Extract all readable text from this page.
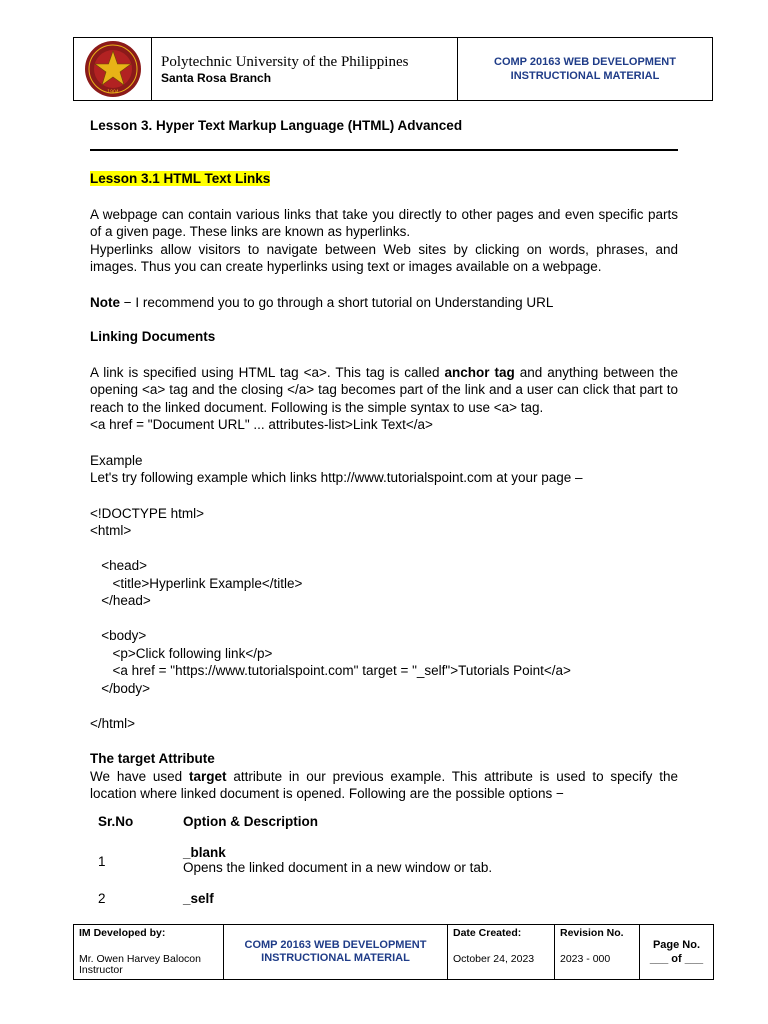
1904
Polytechnic University of the Philippines
Santa Rosa Branch
COMP 20163 WEB DEVELOPMENT
INSTRUCTIONAL MATERIAL
Lesson 3. Hyper Text Markup Language (HTML) Advanced

Lesson 3.1 HTML Text Links

A webpage can contain various links that take you directly to other pages and even specific parts of a given page. These links are known as hyperlinks.

Hyperlinks allow visitors to navigate between Web sites by clicking on words, phrases, and images. Thus you can create hyperlinks using text or images available on a webpage.

Note − I recommend you to go through a short tutorial on Understanding URL

Linking Documents

A link is specified using HTML tag <a>. This tag is called anchor tag and anything between the opening <a> tag and the closing </a> tag becomes part of the link and a user can click that part to reach to the linked document. Following is the simple syntax to use <a> tag.

<a href = "Document URL" ... attributes-list>Link Text</a>

Example

Let's try following example which links http://www.tutorialspoint.com at your page –

<!DOCTYPE html>
<html>

<head>
<title>Hyperlink Example</title>
</head>

<body>
<p>Click following link</p>
<a href = "https://www.tutorialspoint.com" target = "_self">Tutorials Point</a>
</body>

</html>

The target Attribute

We have used target attribute in our previous example. This attribute is used to specify the location where linked document is opened. Following are the possible options −

Sr.No	Option & Description
1
_blank
Opens the linked document in a new window or tab.
2	_self
IM Developed by:
Mr. Owen Harvey Balocon
Instructor
COMP 20163 WEB DEVELOPMENT
INSTRUCTIONAL MATERIAL
Date Created:
October 24, 2023
Revision No.
2023 - 000
Page No.
___ of ___
